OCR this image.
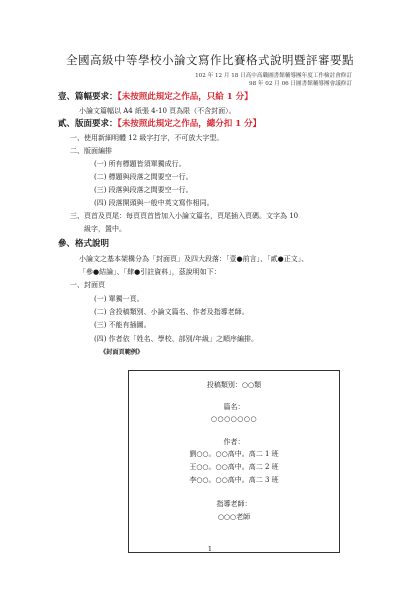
全國高級中等學校小論文寫作比賽格式說明暨評審要點
102 年 12 月 18 日高中高職圖書館輔導團年度工作檢討會修訂
98 年 02 月 06 日圖書館輔導團會議修訂
壹、篇幅要求：【未按照此規定之作品，只給 1 分】
小論文篇幅以 A4 紙張 4-10 頁為限（不含封面）。
貳、版面要求：【未按照此規定之作品，總分扣 1 分】
一、使用新細明體 12 級字打字，不可放大字型。
二、版面編排
(一) 所有標題皆須單獨成行。
(二) 標題與段落之間要空一行。
(三) 段落與段落之間要空一行。
(四) 段落開頭與一般中英文寫作相同。
三、頁首及頁尾：每頁頁首皆加入小論文篇名，頁尾插入頁碼。文字為 10
級字，置中。
參、格式說明
小論文之基本架構分為「封面頁」及四大段落：「壹●前言」、「貳●正文」、
「參●結論」、「肆●引註資料」，茲說明如下：
一、封面頁
(一) 單獨一頁。
(二) 含投稿類別、小論文篇名、作者及指導老師。
(三) 不能有插圖。
(四) 作者依「姓名、學校、部別/年級」之順序編排。
《封面頁範例》
投稿類別：○○類
篇名：
○○○○○○○
作者：
劉○○。○○高中。高二 1 班
王○○。○○高中。高二 2 班
李○○。○○高中。高二 3 班
指導老師：
○○○老師
1
